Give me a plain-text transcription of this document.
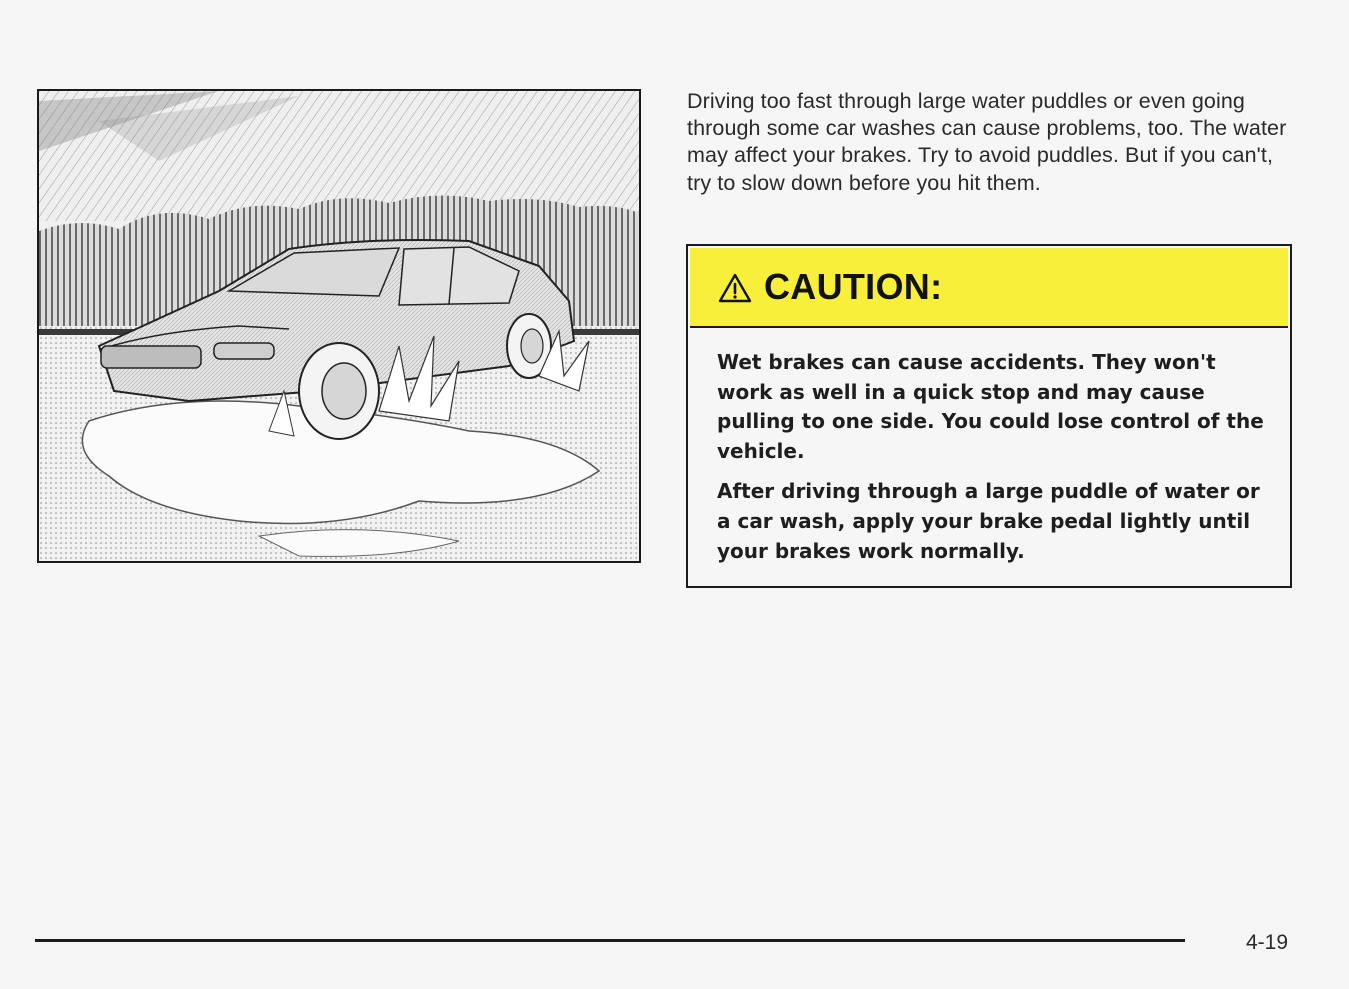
Driving too fast through large water puddles or even going through some car washes can cause problems, too. The water may affect your brakes. Try to avoid puddles. But if you can't, try to slow down before you hit them.

CAUTION:

Wet brakes can cause accidents. They won't work as well in a quick stop and may cause pulling to one side. You could lose control of the vehicle.

After driving through a large puddle of water or a car wash, apply your brake pedal lightly until your brakes work normally.

4-19
